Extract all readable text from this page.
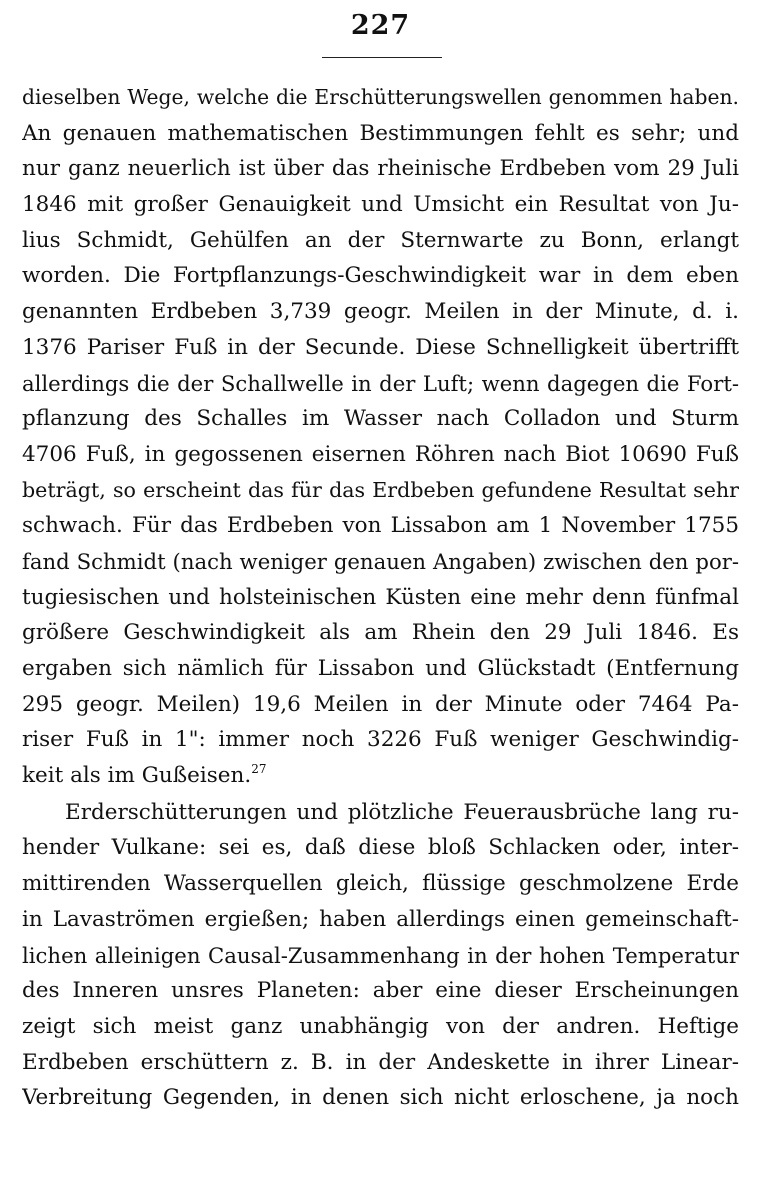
227
dieselben Wege, welche die Erschütterungswellen genommen haben.
An genauen mathematischen Bestimmungen fehlt es sehr; und
nur ganz neuerlich ist über das rheinische Erdbeben vom 29 Juli
1846 mit großer Genauigkeit und Umsicht ein Resultat von Ju-
lius Schmidt, Gehülfen an der Sternwarte zu Bonn, erlangt
worden. Die Fortpflanzungs-Geschwindigkeit war in dem eben
genannten Erdbeben 3,739 geogr. Meilen in der Minute, d. i.
1376 Pariser Fuß in der Secunde. Diese Schnelligkeit übertrifft
allerdings die der Schallwelle in der Luft; wenn dagegen die Fort-
pflanzung des Schalles im Wasser nach Colladon und Sturm
4706 Fuß, in gegossenen eisernen Röhren nach Biot 10690 Fuß
beträgt, so erscheint das für das Erdbeben gefundene Resultat sehr
schwach. Für das Erdbeben von Lissabon am 1 November 1755
fand Schmidt (nach weniger genauen Angaben) zwischen den por-
tugiesischen und holsteinischen Küsten eine mehr denn fünfmal
größere Geschwindigkeit als am Rhein den 29 Juli 1846. Es
ergaben sich nämlich für Lissabon und Glückstadt (Entfernung
295 geogr. Meilen) 19,6 Meilen in der Minute oder 7464 Pa-
riser Fuß in 1": immer noch 3226 Fuß weniger Geschwindig-
keit als im Gußeisen.$^{27}$
Erderschütterungen und plötzliche Feuerausbrüche lang ru-
hender Vulkane: sei es, daß diese bloß Schlacken oder, inter-
mittirenden Wasserquellen gleich, flüssige geschmolzene Erde
in Lavaströmen ergießen; haben allerdings einen gemeinschaft-
lichen alleinigen Causal-Zusammenhang in der hohen Temperatur
des Inneren unsres Planeten: aber eine dieser Erscheinungen
zeigt sich meist ganz unabhängig von der andren. Heftige
Erdbeben erschüttern z. B. in der Andeskette in ihrer Linear-
Verbreitung Gegenden, in denen sich nicht erloschene, ja noch
